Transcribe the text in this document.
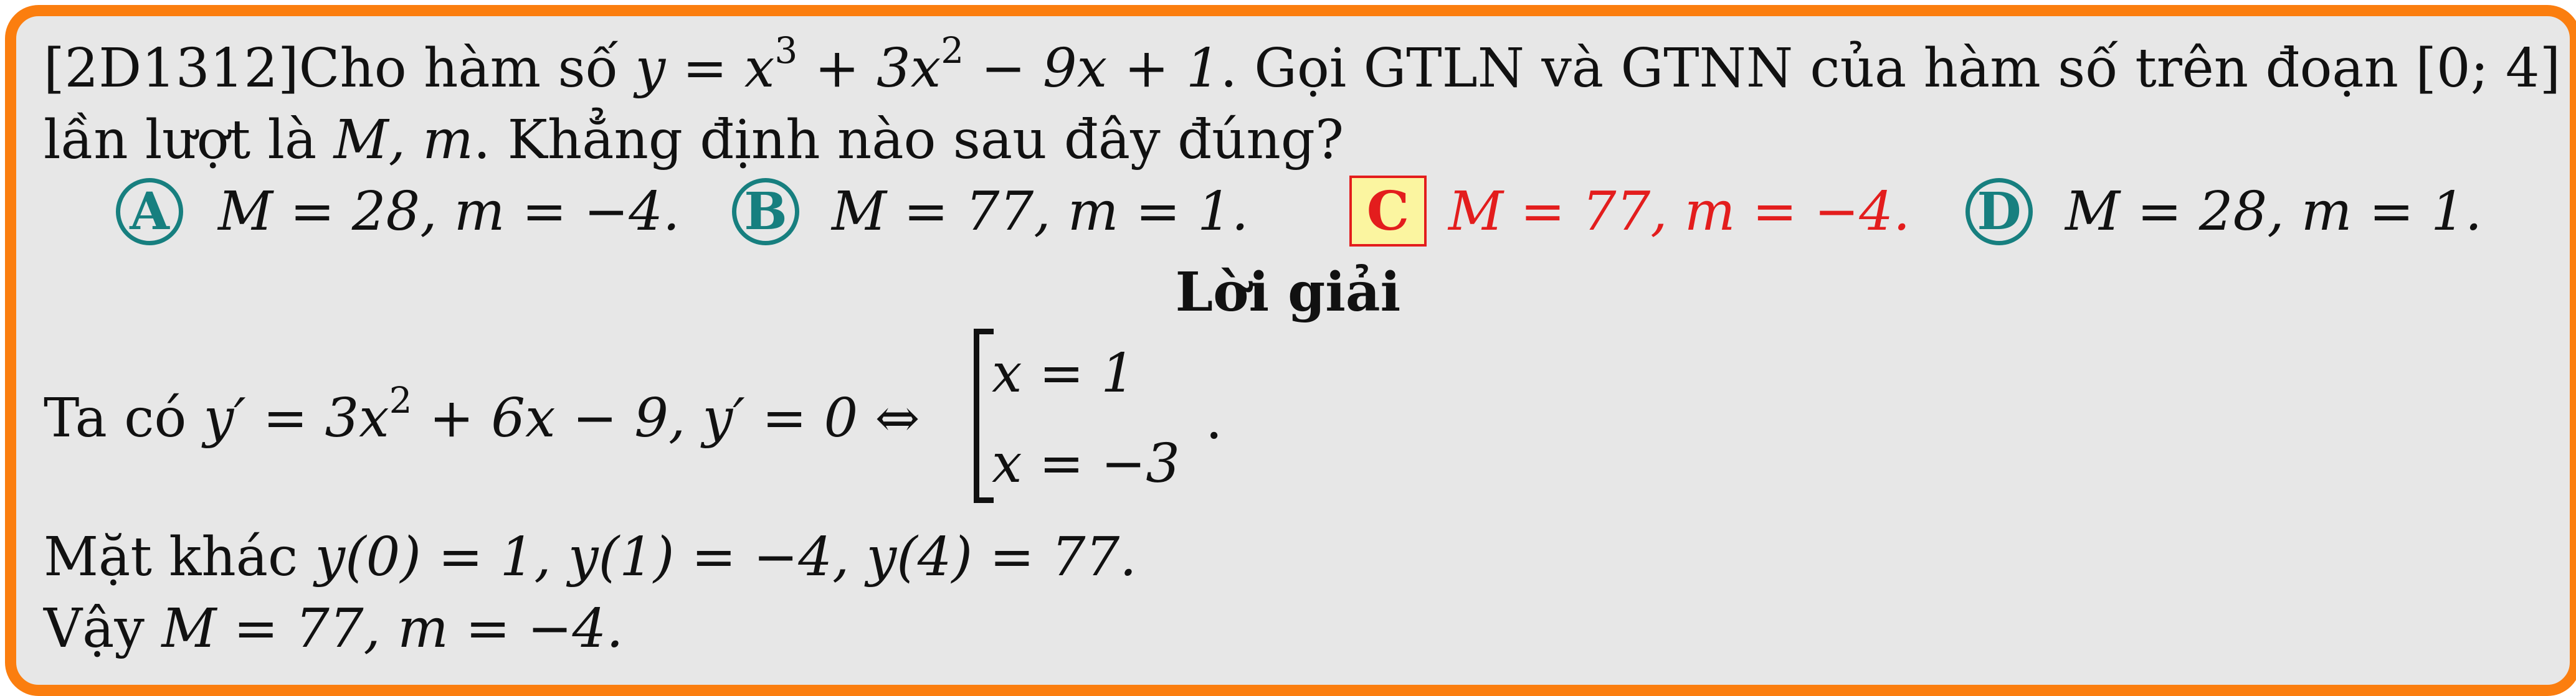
[2D1312]Cho hàm số $y = x^3 + 3x^2 - 9x + 1$. Gọi GTLN và GTNN của hàm số trên đoạn [0; 4]
lần lượt là M, m. Khẳng định nào sau đây đúng?
A M = 28, m = −4. B M = 77, m = 1.	C M = 77, m = −4. D M = 28, m = 1.
Lời giải
Ta có $y' = 3x^2 + 6x - 9$, y′ = 0 ⇔
x = 1
x = −3
.
Mặt khác y(0) = 1, y(1) = −4, y(4) = 77.
Vậy M = 77, m = −4.
